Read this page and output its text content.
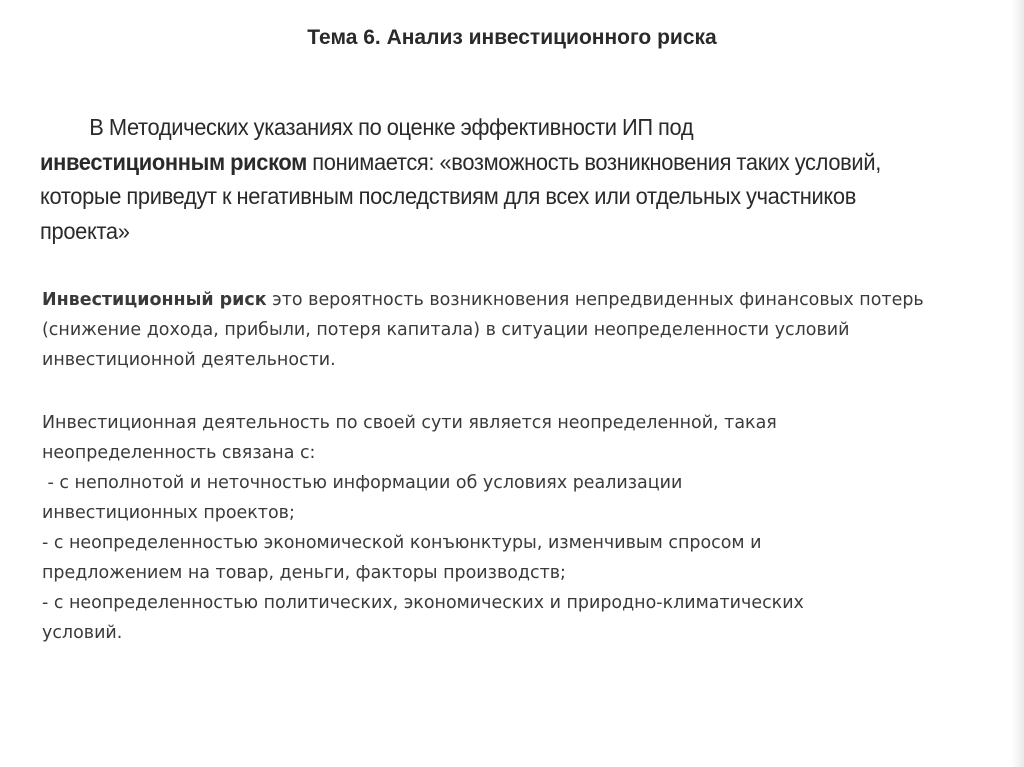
Тема 6. Анализ инвестиционного риска

В Методических указаниях по оценке эффективности ИП под
инвестиционным риском понимается: «возможность возникновения таких условий, которые приведут к негативным последствиям для всех или отдельных участников проекта»

Инвестиционный риск это вероятность возникновения непредвиденных финансовых потерь (снижение дохода, прибыли, потеря капитала) в ситуации неопределенности условий инвестиционной деятельности.

Инвестиционная деятельность по своей сути является неопределенной, такая
неопределенность связана с:
- с неполнотой и неточностью информации об условиях реализации
инвестиционных проектов;
- с неопределенностью экономической конъюнктуры, изменчивым спросом и
предложением на товар, деньги, факторы производств;
- с неопределенностью политических, экономических и природно-климатических
условий.
